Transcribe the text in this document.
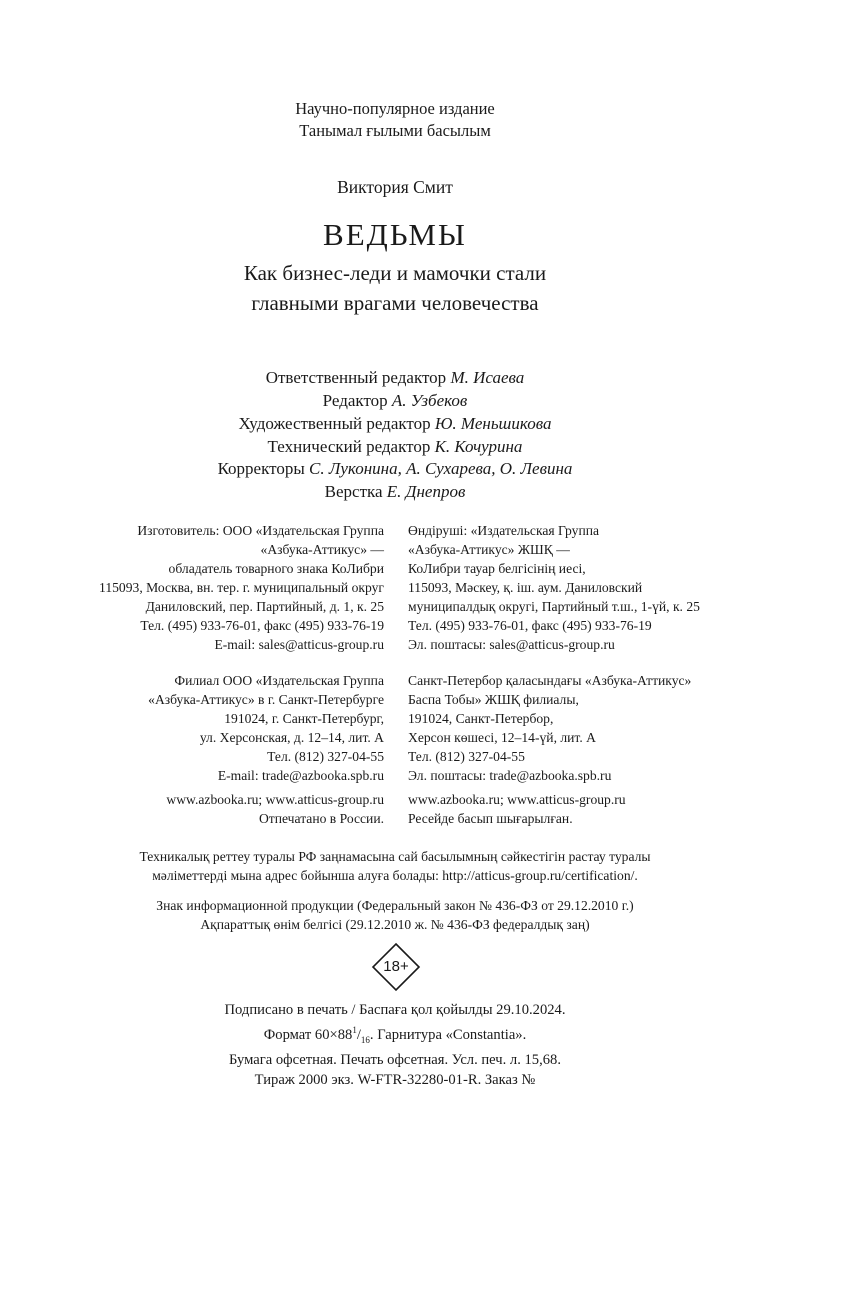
Научно-популярное издание
Танымал ғылыми басылым
Виктория Смит
ВЕДЬМЫ
Как бизнес-леди и мамочки стали
главными врагами человечества
Ответственный редактор М. Исаева
Редактор А. Узбеков
Художественный редактор Ю. Меньшикова
Технический редактор К. Кочурина
Корректоры С. Луконина, А. Сухарева, О. Левина
Верстка Е. Днепров
Изготовитель: ООО «Издательская Группа
«Азбука-Аттикус» —
обладатель товарного знака КоЛибри
115093, Москва, вн. тер. г. муниципальный округ
Даниловский, пер. Партийный, д. 1, к. 25
Тел. (495) 933-76-01, факс (495) 933-76-19
E-mail: sales@atticus-group.ru
Өндіруші: «Издательская Группа
«Азбука-Аттикус» ЖШҚ —
КоЛибри тауар белгісінің иесі,
115093, Мәскеу, қ. іш. аум. Даниловский
муниципалдық округі, Партийный т.ш., 1-үй, к. 25
Тел. (495) 933-76-01, факс (495) 933-76-19
Эл. поштасы: sales@atticus-group.ru
Филиал ООО «Издательская Группа
«Азбука-Аттикус» в г. Санкт-Петербурге
191024, г. Санкт-Петербург,
ул. Херсонская, д. 12–14, лит. А
Тел. (812) 327-04-55
E-mail: trade@azbooka.spb.ru
Санкт-Петербор қаласындағы «Азбука-Аттикус»
Баспа Тобы» ЖШҚ филиалы,
191024, Санкт-Петербор,
Херсон көшесі, 12–14-үй, лит. А
Тел. (812) 327-04-55
Эл. поштасы: trade@azbooka.spb.ru
www.azbooka.ru; www.atticus-group.ru
Отпечатано в России.
www.azbooka.ru; www.atticus-group.ru
Ресейде басып шығарылған.
Техникалық реттеу туралы РФ заңнамасына сай басылымның сәйкестігін растау туралы
мәліметтерді мына адрес бойынша алуға болады: http://atticus-group.ru/certification/.
Знак информационной продукции (Федеральный закон № 436-ФЗ от 29.12.2010 г.)
Ақпараттық өнім белгісі (29.12.2010 ж. № 436-ФЗ федералдық заң)
18+
Подписано в печать / Баспаға қол қойылды 29.10.2024.
Формат $60\times 88^1/_{16}$. Гарнитура «Constantia».
Бумага офсетная. Печать офсетная. Усл. печ. л. 15,68.
Тираж 2000 экз. W-FTR-32280-01-R. Заказ №
